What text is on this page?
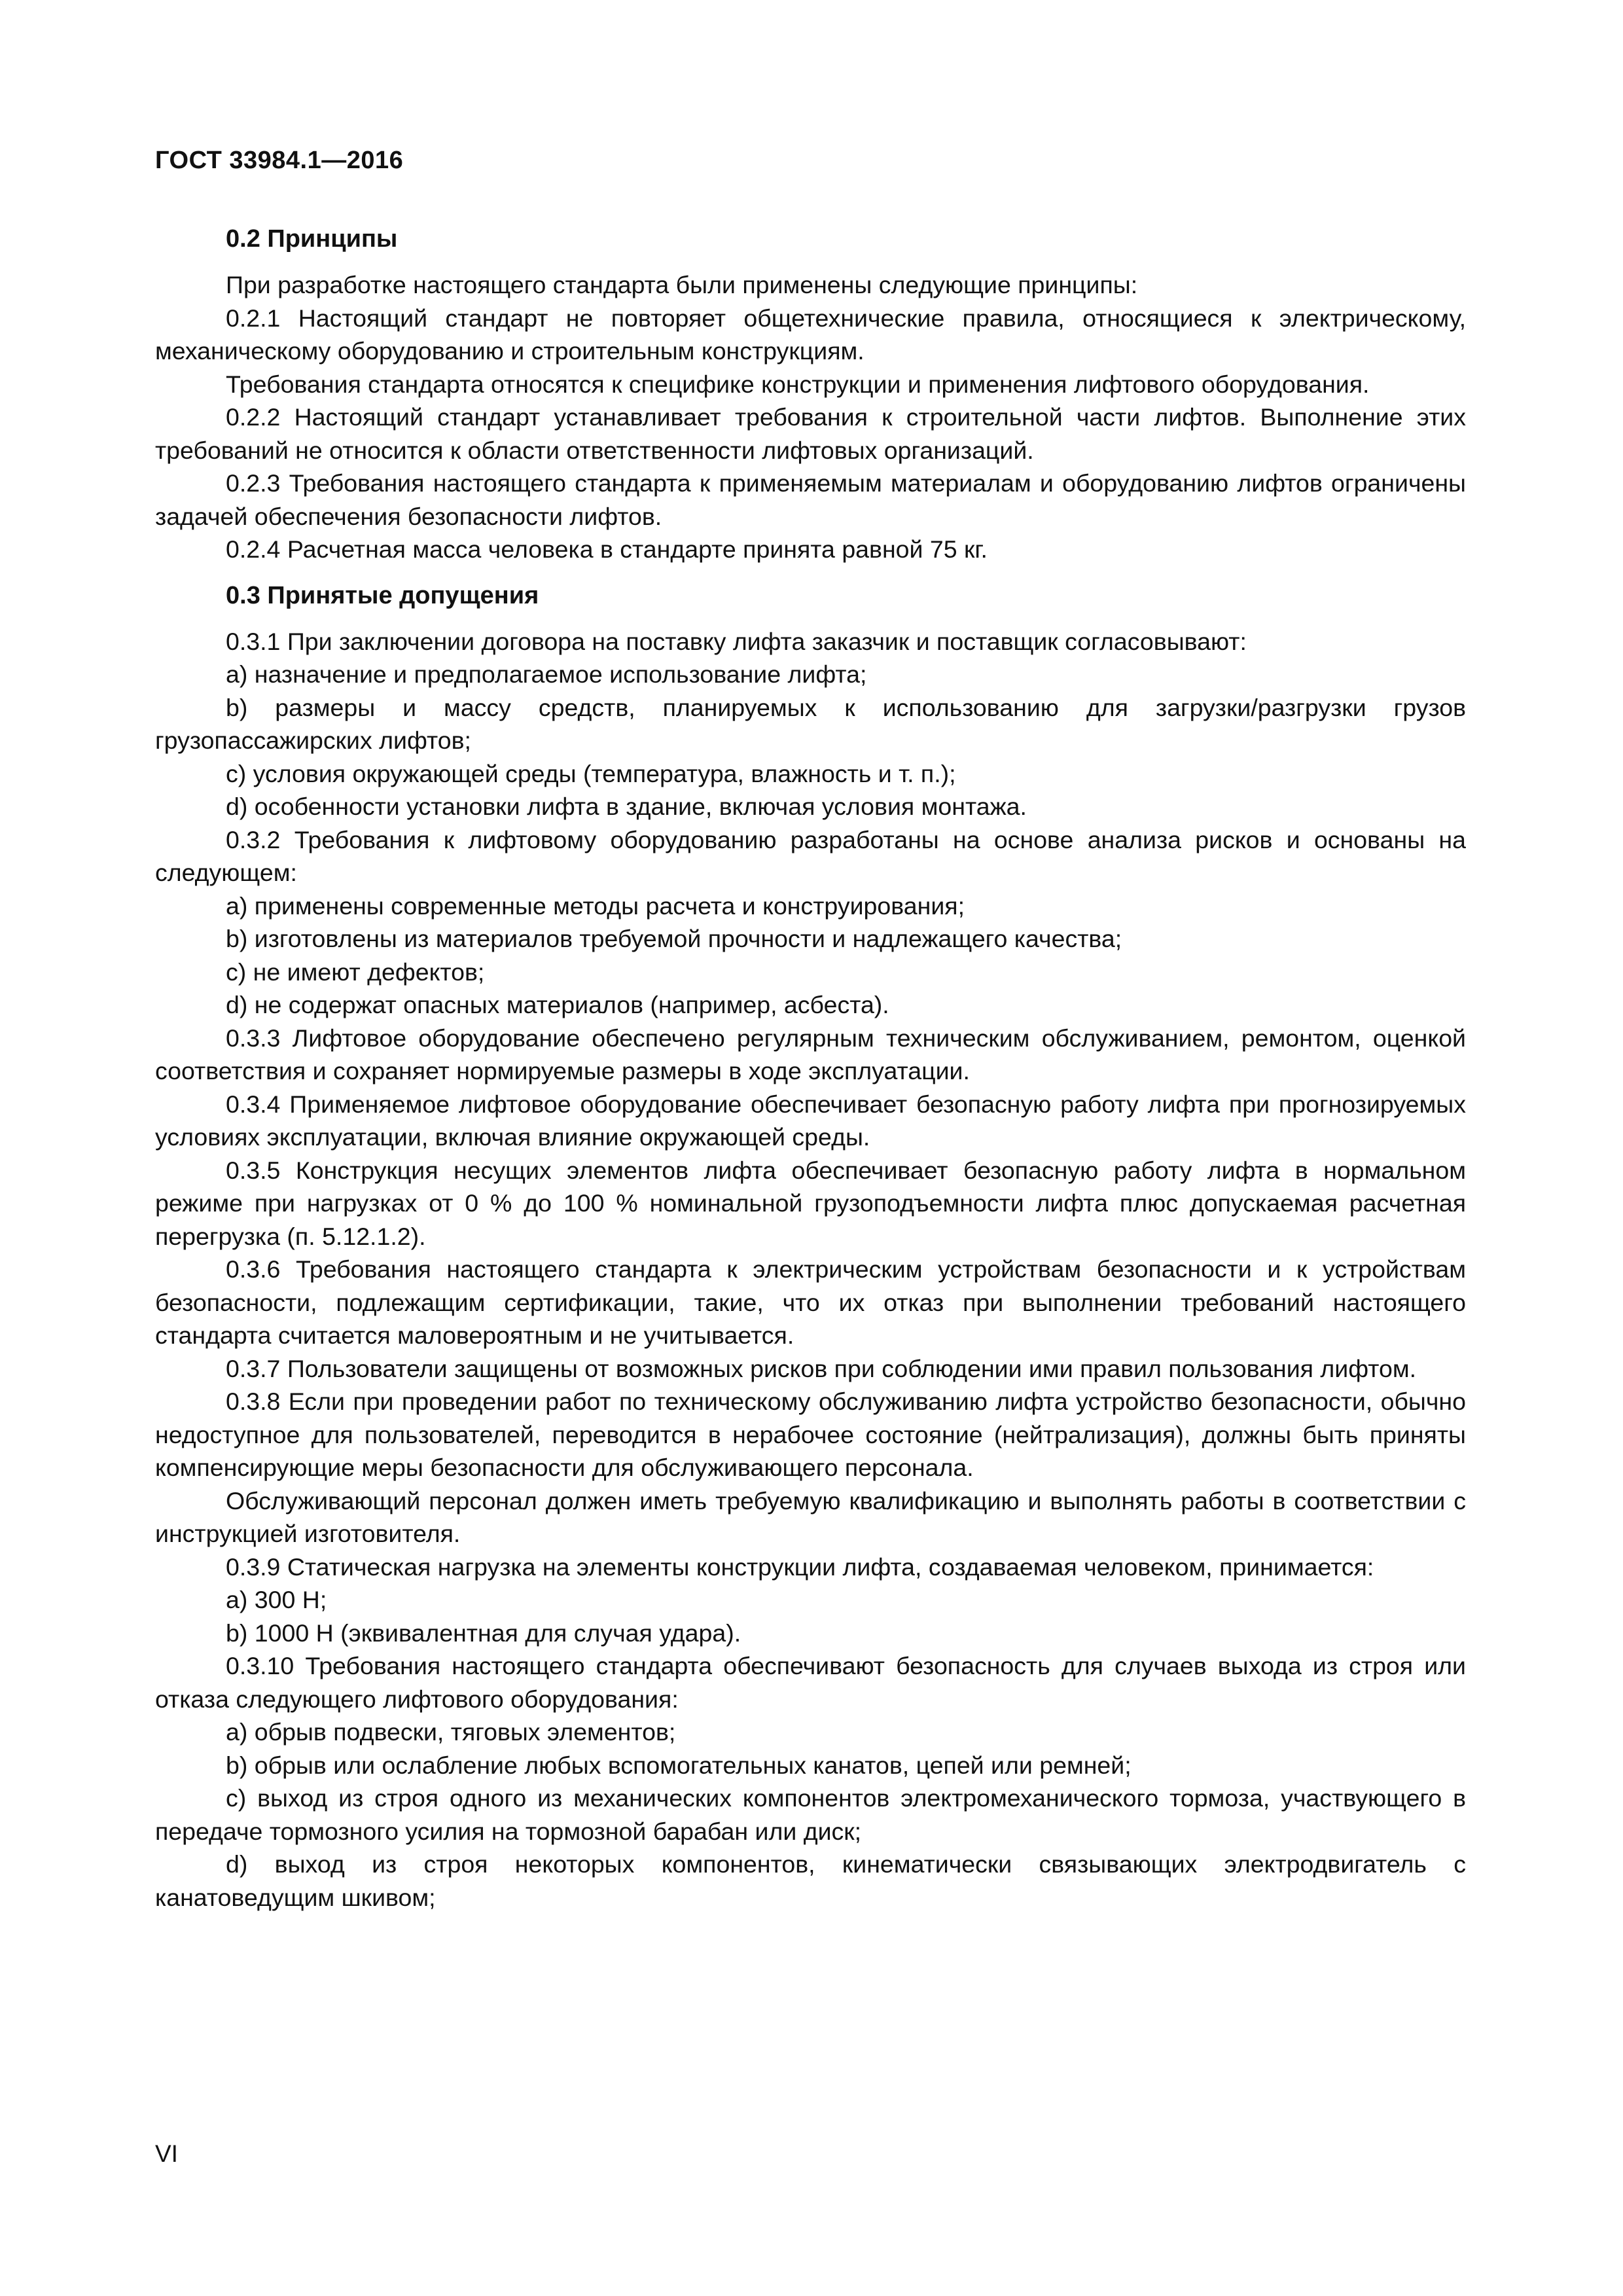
ГОСТ 33984.1—2016
0.2 Принципы

При разработке настоящего стандарта были применены следующие принципы:

0.2.1 Настоящий стандарт не повторяет общетехнические правила, относящиеся к электрическому, механическому оборудованию и строительным конструкциям.

Требования стандарта относятся к специфике конструкции и применения лифтового оборудования.

0.2.2 Настоящий стандарт устанавливает требования к строительной части лифтов. Выполнение этих требований не относится к области ответственности лифтовых организаций.

0.2.3 Требования настоящего стандарта к применяемым материалам и оборудованию лифтов ограничены задачей обеспечения безопасности лифтов.

0.2.4 Расчетная масса человека в стандарте принята равной 75 кг.

0.3 Принятые допущения

0.3.1 При заключении договора на поставку лифта заказчик и поставщик согласовывают:

a) назначение и предполагаемое использование лифта;

b) размеры и массу средств, планируемых к использованию для загрузки/разгрузки грузов грузопассажирских лифтов;

c) условия окружающей среды (температура, влажность и т. п.);

d) особенности установки лифта в здание, включая условия монтажа.

0.3.2 Требования к лифтовому оборудованию разработаны на основе анализа рисков и основаны на следующем:

a) применены современные методы расчета и конструирования;

b) изготовлены из материалов требуемой прочности и надлежащего качества;

c) не имеют дефектов;

d) не содержат опасных материалов (например, асбеста).

0.3.3 Лифтовое оборудование обеспечено регулярным техническим обслуживанием, ремонтом, оценкой соответствия и сохраняет нормируемые размеры в ходе эксплуатации.

0.3.4 Применяемое лифтовое оборудование обеспечивает безопасную работу лифта при прогнозируемых условиях эксплуатации, включая влияние окружающей среды.

0.3.5 Конструкция несущих элементов лифта обеспечивает безопасную работу лифта в нормальном режиме при нагрузках от 0 % до 100 % номинальной грузоподъемности лифта плюс допускаемая расчетная перегрузка (п. 5.12.1.2).

0.3.6 Требования настоящего стандарта к электрическим устройствам безопасности и к устройствам безопасности, подлежащим сертификации, такие, что их отказ при выполнении требований настоящего стандарта считается маловероятным и не учитывается.

0.3.7 Пользователи защищены от возможных рисков при соблюдении ими правил пользования лифтом.

0.3.8 Если при проведении работ по техническому обслуживанию лифта устройство безопасности, обычно недоступное для пользователей, переводится в нерабочее состояние (нейтрализация), должны быть приняты компенсирующие меры безопасности для обслуживающего персонала.

Обслуживающий персонал должен иметь требуемую квалификацию и выполнять работы в соответствии с инструкцией изготовителя.

0.3.9 Статическая нагрузка на элементы конструкции лифта, создаваемая человеком, принимается:

a) 300 Н;

b) 1000 Н (эквивалентная для случая удара).

0.3.10 Требования настоящего стандарта обеспечивают безопасность для случаев выхода из строя или отказа следующего лифтового оборудования:

a) обрыв подвески, тяговых элементов;

b) обрыв или ослабление любых вспомогательных канатов, цепей или ремней;

c) выход из строя одного из механических компонентов электромеханического тормоза, участвующего в передаче тормозного усилия на тормозной барабан или диск;

d) выход из строя некоторых компонентов, кинематически связывающих электродвигатель с канатоведущим шкивом;

VI
